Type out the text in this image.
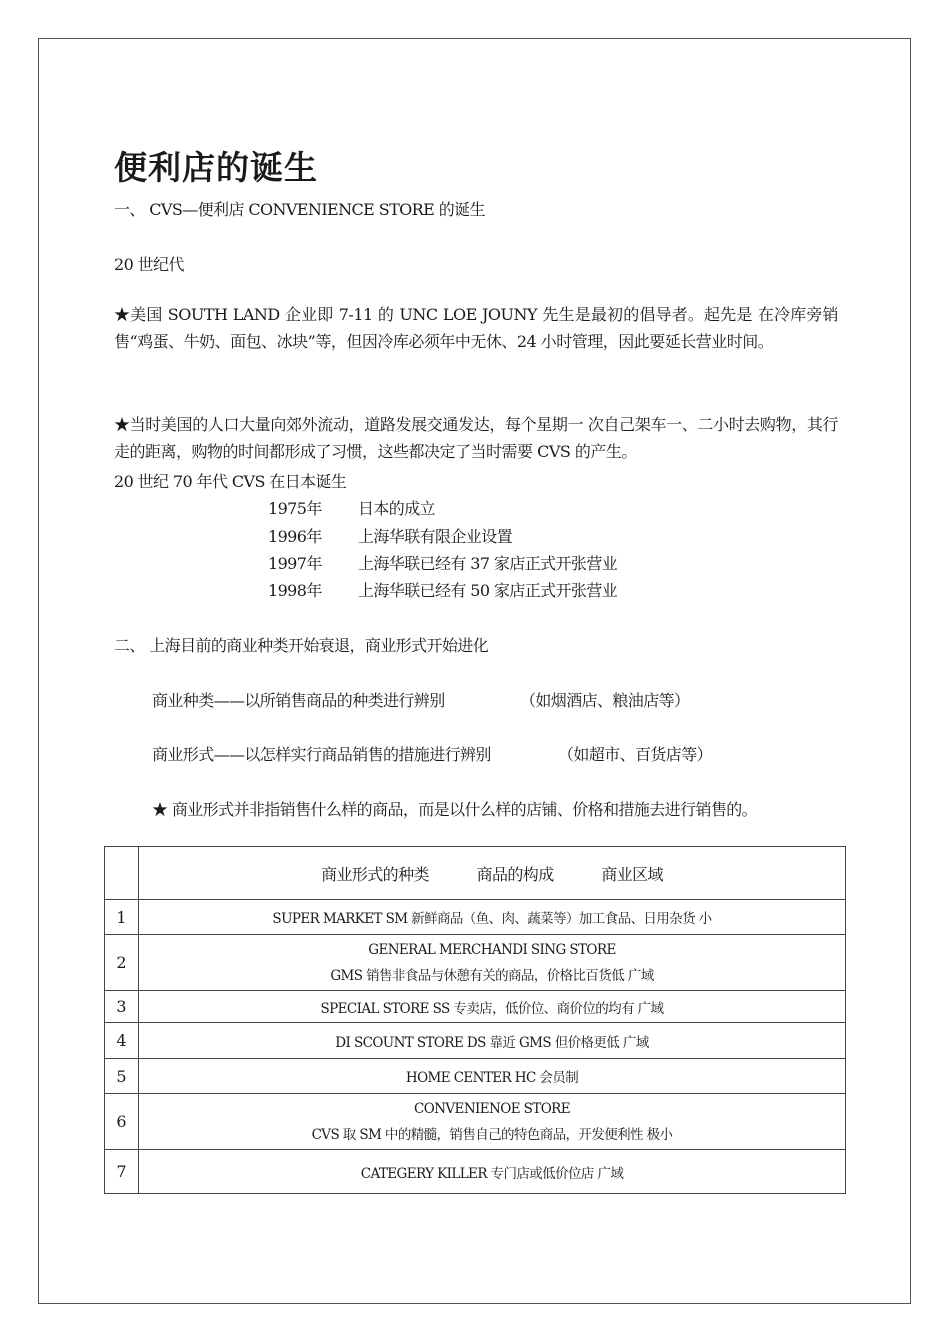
便利店的诞生
一、 CVS—便利店 CONVENIENCE STORE 的诞生
20 世纪代
★美国 SOUTH LAND 企业即 7-11 的 UNC LOE JOUNY 先生是最初的倡导者。起先是 在冷库旁销售“鸡蛋、牛奶、面包、冰块”等，但因冷库必须年中无休、24 小时管理，因此要延长营业时间。
★当时美国的人口大量向郊外流动，道路发展交通发达，每个星期一 次自己架车一、二小时去购物，其行走的距离，购物的时间都形成了习惯，这些都决定了当时需要 CVS 的产生。
20 世纪 70 年代 CVS 在日本诞生
1975年 日本的成立
1996年 上海华联有限企业设置
1997年 上海华联已经有 37 家店正式开张营业
1998年 上海华联已经有 50 家店正式开张营业
二、 上海目前的商业种类开始衰退，商业形式开始进化
商业种类——以所销售商品的种类进行辨别	（如烟酒店、粮油店等）
商业形式——以怎样实行商品销售的措施进行辨别	（如超市、百货店等）
★ 商业形式并非指销售什么样的商品，而是以什么样的店铺、价格和措施去进行销售的。
	商业形式的种类 商品的构成 商业区域
1	SUPER MARKET SM 新鲜商品（鱼、肉、蔬菜等）加工食品、日用杂货 小

2	GENERAL MERCHANDI SING STORE
GMS 销售非食品与休憩有关的商品，价格比百货低 广域

3	SPECIAL STORE SS 专卖店，低价位、商价位的均有 广域

4	DI SCOUNT STORE DS 靠近 GMS 但价格更低 广域

5	HOME CENTER HC 会员制

6	CONVENIENOE STORE
CVS 取 SM 中的精髓，销售自己的特色商品，开发便利性 极小

7	CATEGERY KILLER 专门店或低价位店 广域
